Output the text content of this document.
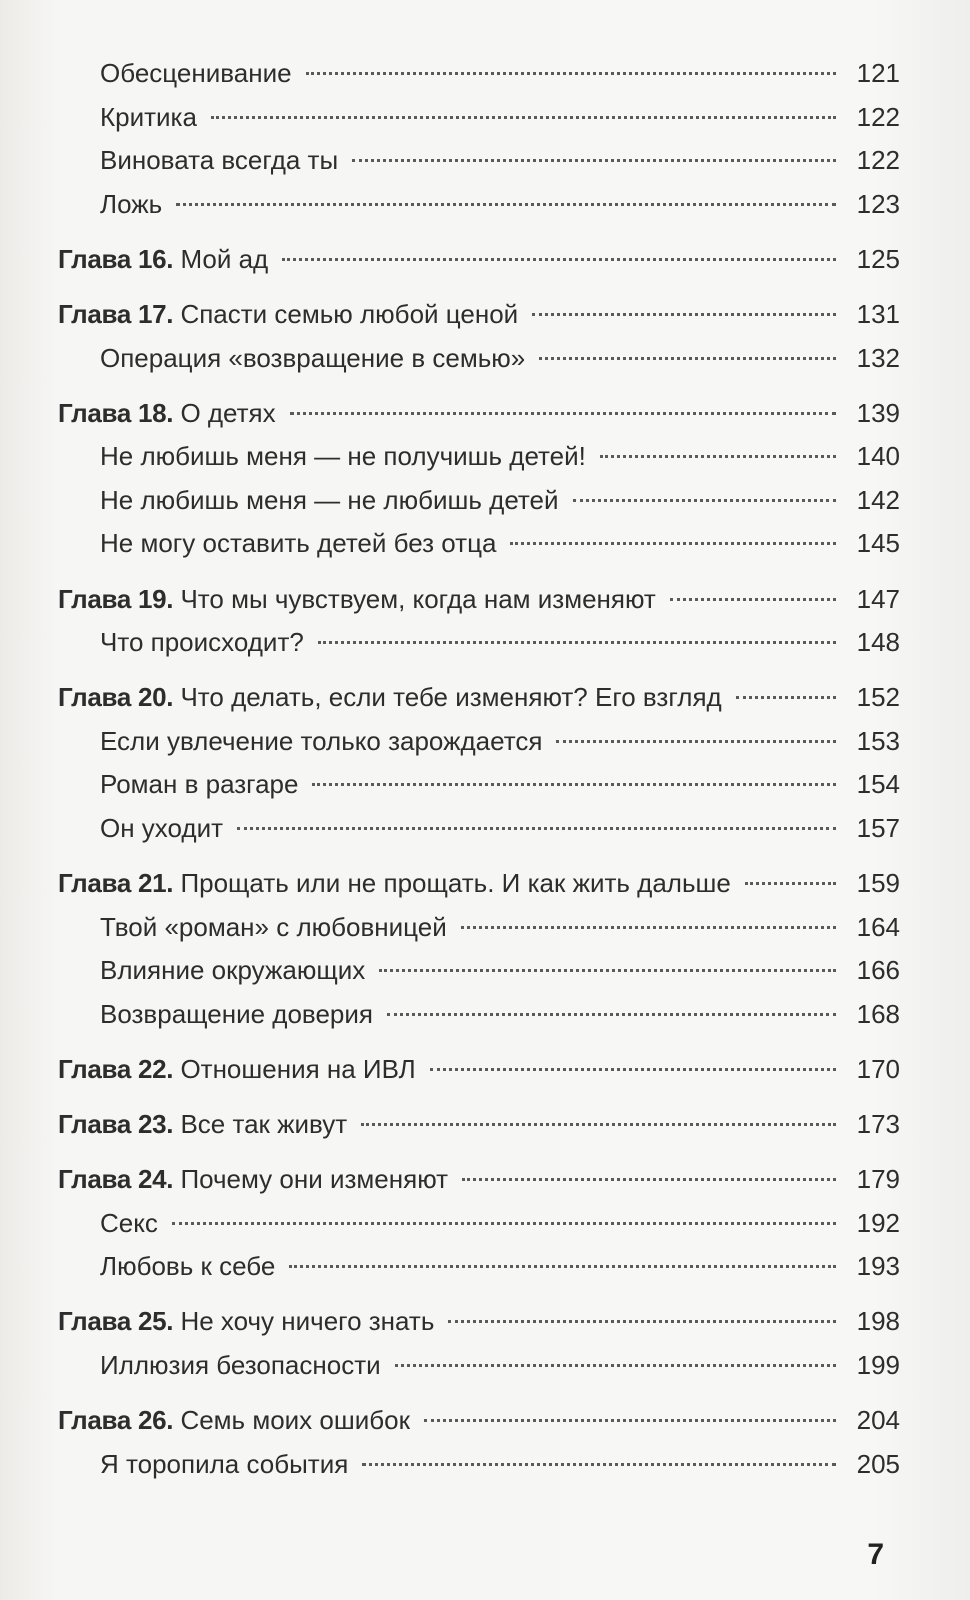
Обесценивание	121
Критика	122
Виновата всегда ты	122
Ложь	123
Глава 16. Мой ад	125
Глава 17. Спасти семью любой ценой	131
Операция «возвращение в семью»	132
Глава 18. О детях	139
Не любишь меня — не получишь детей!	140
Не любишь меня — не любишь детей	142
Не могу оставить детей без отца	145
Глава 19. Что мы чувствуем, когда нам изменяют	147
Что происходит?	148
Глава 20. Что делать, если тебе изменяют? Его взгляд	152
Если увлечение только зарождается	153
Роман в разгаре	154
Он уходит	157
Глава 21. Прощать или не прощать. И как жить дальше	159
Твой «роман» с любовницей	164
Влияние окружающих	166
Возвращение доверия	168
Глава 22. Отношения на ИВЛ	170
Глава 23. Все так живут	173
Глава 24. Почему они изменяют	179
Секс	192
Любовь к себе	193
Глава 25. Не хочу ничего знать	198
Иллюзия безопасности	199
Глава 26. Семь моих ошибок	204
Я торопила события	205
7
